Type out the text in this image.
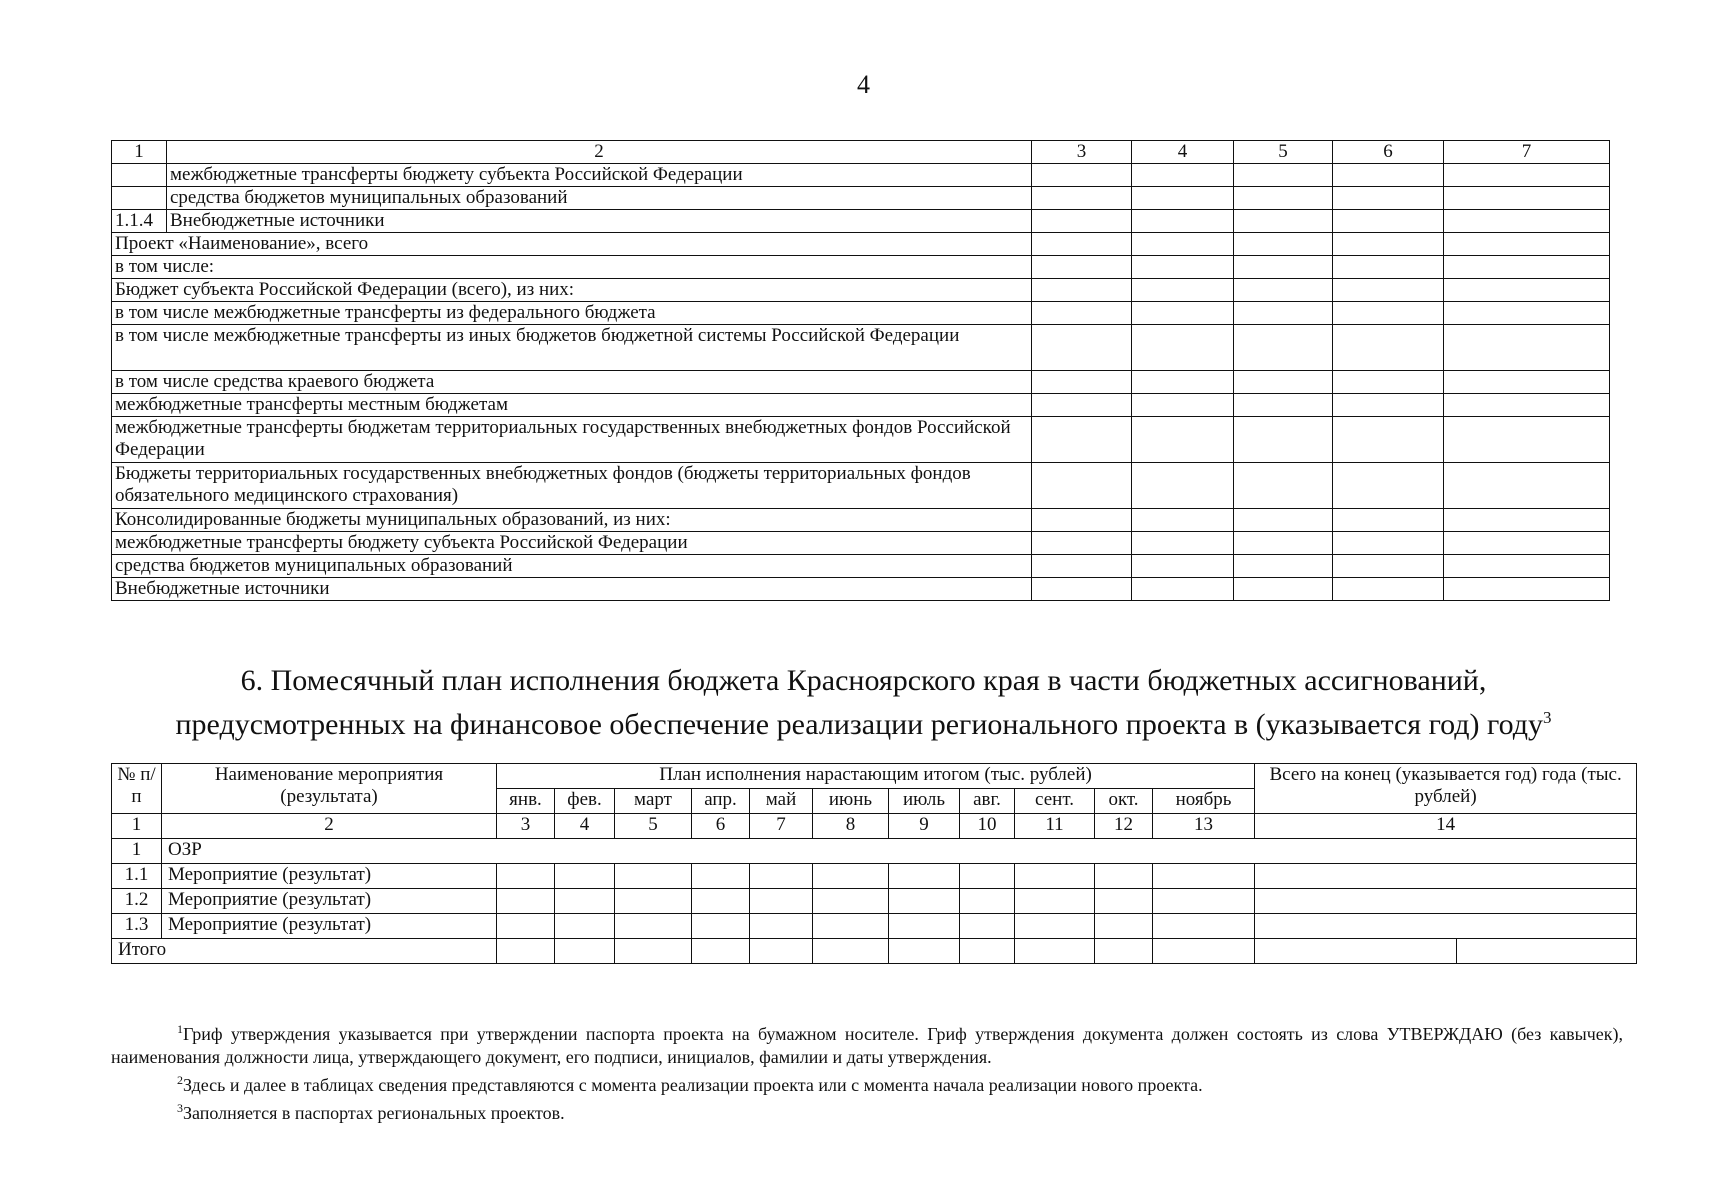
4
1	2	3	4	5	6	7
	межбюджетные трансферты бюджету субъекта Российской Федерации					
	средства бюджетов муниципальных образований					
1.1.4	Внебюджетные источники					
Проект «Наименование», всего						
в том числе:						
Бюджет субъекта Российской Федерации (всего), из них:						
в том числе межбюджетные трансферты из федерального бюджета						
в том числе межбюджетные трансферты из иных бюджетов бюджетной системы Российской Федерации						
в том числе средства краевого бюджета						
межбюджетные трансферты местным бюджетам						
межбюджетные трансферты бюджетам территориальных государственных внебюджетных фондов Российской Федерации						
Бюджеты территориальных государственных внебюджетных фондов (бюджеты территориальных фондов обязательного медицинского страхования)						
Консолидированные бюджеты муниципальных образований, из них:						
межбюджетные трансферты бюджету субъекта Российской Федерации						
средства бюджетов муниципальных образований						
Внебюджетные источники						
6. Помесячный план исполнения бюджета Красноярского края в части бюджетных ассигнований,
предусмотренных на финансовое обеспечение реализации регионального проекта в (указывается год) году$^3$
№ п/п	Наименование мероприятия (результата)	План исполнения нарастающим итогом (тыс. рублей)											Всего на конец (указывается год) года (тыс. рублей)	
		янв.	фев.	март	апр.	май	июнь	июль	авг.	сент.	окт.	ноябрь		
1	2	3	4	5	6	7	8	9	10	11	12	13	14	
1	ОЗР													
1.1	Мероприятие (результат)													
1.2	Мероприятие (результат)													
1.3	Мероприятие (результат)													
Итого														

$^1$Гриф утверждения указывается при утверждении паспорта проекта на бумажном носителе. Гриф утверждения документа должен состоять из слова УТВЕРЖДАЮ (без кавычек), наименования должности лица, утверждающего документ, его подписи, инициалов, фамилии и даты утверждения.

$^2$Здесь и далее в таблицах сведения представляются с момента реализации проекта или с момента начала реализации нового проекта.

$^3$Заполняется в паспортах региональных проектов.
